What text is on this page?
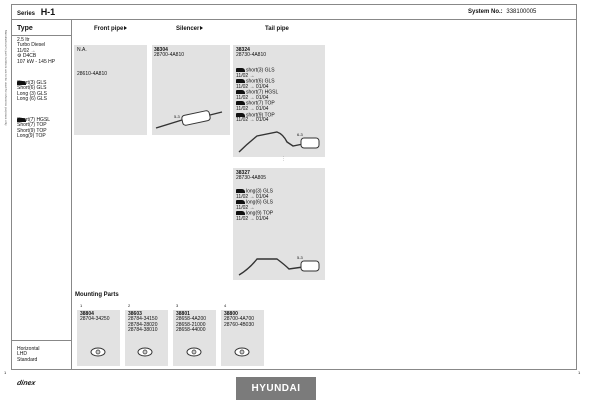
Manufacturer's part numbers are to be used for reference purposes only
Series H-1	System No.: 338100005
Type	Front pipe	Silencer	Tail pipe
2.5 ltr
Turbo Diesel
11/02 →
⚙ D4CB
107 kW - 145 HP
Short(3) GLS
Short(6) GLS
Long (3) GLS
Long (6) GLS
Short(7) HGSL
Short(7) TOP
Short(9) TOP
Long(9) TOP
Horizontal
LHD
Standard
N.A.
28610-4A810
38304
28700-4A810
5-3
38324
28730-4A810
short(3) GLS
11/02 →
short(6) GLS
11/02 → 01/04
short(7) HGSL
11/02 → 01/04
short(7) TOP
11/02 → 01/04
short(9) TOP
11/02 → 01/04
6-3
⋮
38327
28730-4A805
long(3) GLS
11/02 → 01/04
long(6) GLS
11/02 →
long(9) TOP
11/02 → 01/04
5-3
Mounting Parts
1
38804
28704-34250
2
38603
28784-34150
28784-28020
28784-38010
3
38801
28658-4A200
28658-21000
28658-44000
4
38800
28700-4A700
28760-4B030
1	1
dinex	HYUNDAI
